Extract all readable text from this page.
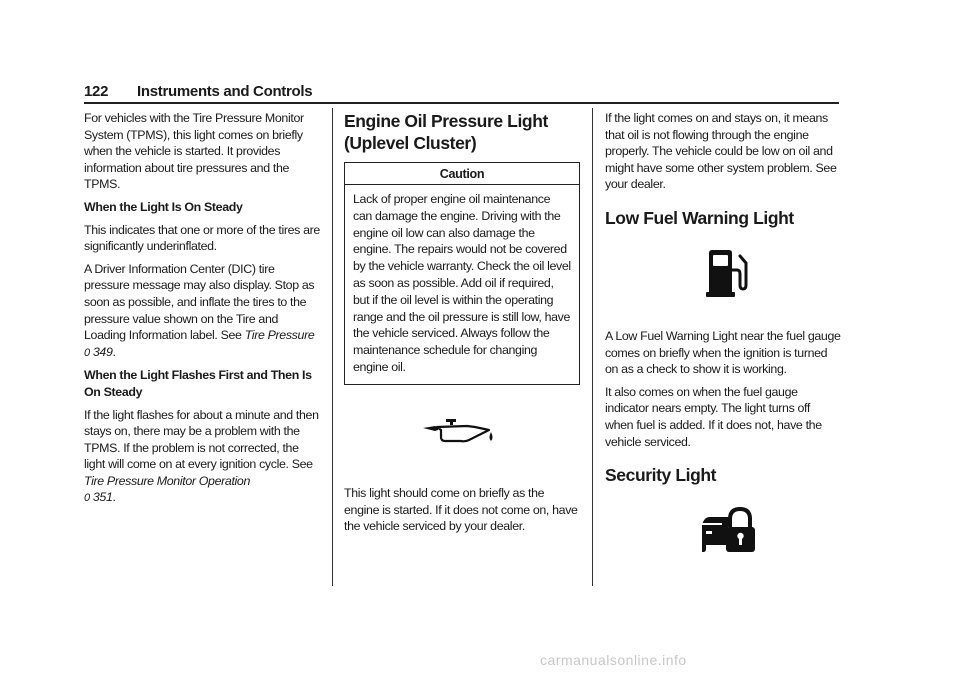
122 Instruments and Controls

For vehicles with the Tire Pressure Monitor System (TPMS), this light comes on briefly when the vehicle is started. It provides information about tire pressures and the TPMS.

When the Light Is On Steady

This indicates that one or more of the tires are significantly underinflated.

A Driver Information Center (DIC) tire pressure message may also display. Stop as soon as possible, and inflate the tires to the pressure value shown on the Tire and Loading Information label. See Tire Pressure
0 349.

When the Light Flashes First and Then Is On Steady

If the light flashes for about a minute and then stays on, there may be a problem with the TPMS. If the problem is not corrected, the light will come on at every ignition cycle. See Tire Pressure Monitor Operation
0 351.

Engine Oil Pressure Light (Uplevel Cluster)
Caution
Lack of proper engine oil maintenance can damage the engine. Driving with the engine oil low can also damage the engine. The repairs would not be covered by the vehicle warranty. Check the oil level as soon as possible. Add oil if required, but if the oil level is within the operating range and the oil pressure is still low, have the vehicle serviced. Always follow the maintenance schedule for changing engine oil.

This light should come on briefly as the engine is started. If it does not come on, have the vehicle serviced by your dealer.

If the light comes on and stays on, it means that oil is not flowing through the engine properly. The vehicle could be low on oil and might have some other system problem. See your dealer.

Low Fuel Warning Light

A Low Fuel Warning Light near the fuel gauge comes on briefly when the ignition is turned on as a check to show it is working.

It also comes on when the fuel gauge indicator nears empty. The light turns off when fuel is added. If it does not, have the vehicle serviced.

Security Light
carmanualsonline.info
